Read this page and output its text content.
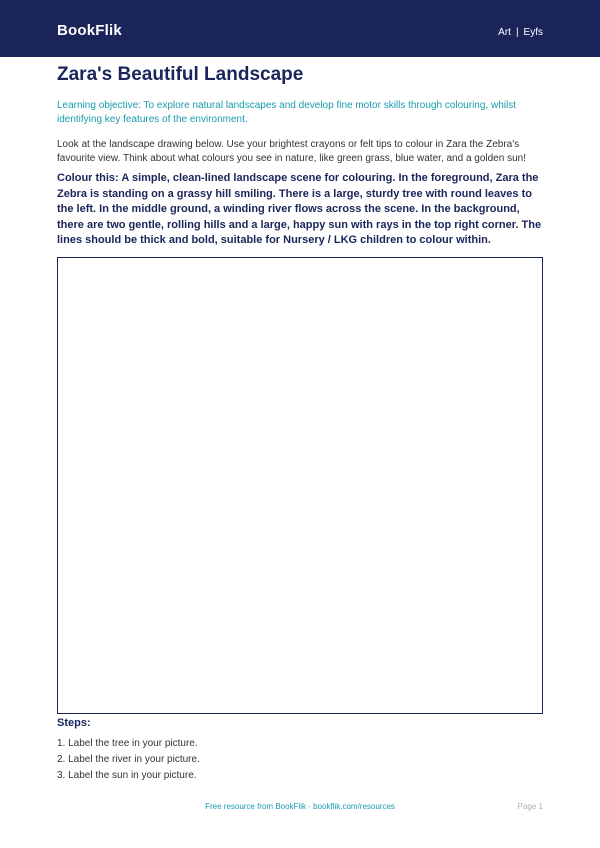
BookFlik	Art | Eyfs
Zara's Beautiful Landscape
Learning objective: To explore natural landscapes and develop fine motor skills through colouring, whilst identifying key features of the environment.
Look at the landscape drawing below. Use your brightest crayons or felt tips to colour in Zara the Zebra's favourite view. Think about what colours you see in nature, like green grass, blue water, and a golden sun!
Colour this: A simple, clean-lined landscape scene for colouring. In the foreground, Zara the Zebra is standing on a grassy hill smiling. There is a large, sturdy tree with round leaves to the left. In the middle ground, a winding river flows across the scene. In the background, there are two gentle, rolling hills and a large, happy sun with rays in the top right corner. The lines should be thick and bold, suitable for Nursery / LKG children to colour within.
Steps:
1. Label the tree in your picture.
2. Label the river in your picture.
3. Label the sun in your picture.
Free resource from BookFlik · bookflik.com/resources	Page 1
